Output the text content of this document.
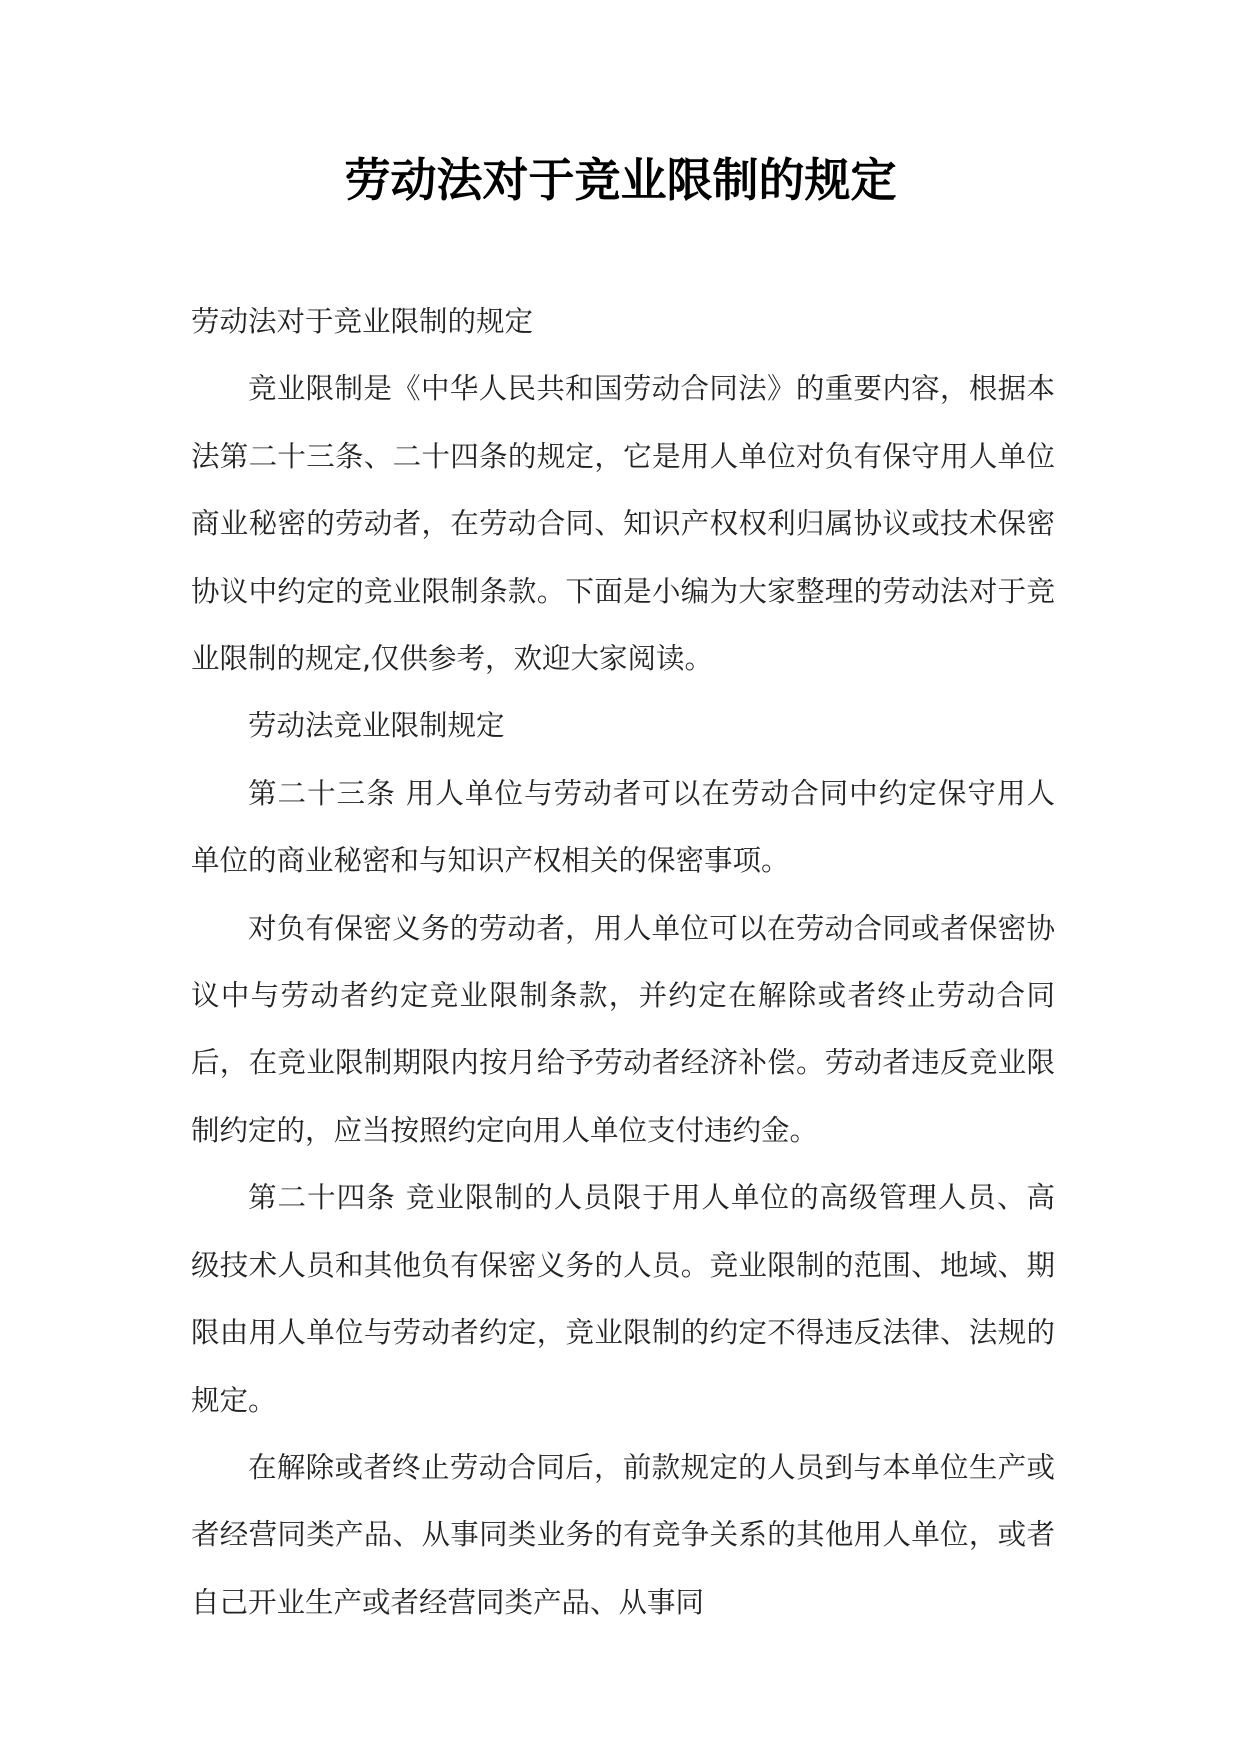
劳动法对于竞业限制的规定

劳动法对于竞业限制的规定

竞业限制是《中华人民共和国劳动合同法》的重要内容，根据本法第二十三条、二十四条的规定，它是用人单位对负有保守用人单位商业秘密的劳动者，在劳动合同、知识产权权利归属协议或技术保密协议中约定的竞业限制条款。下面是小编为大家整理的劳动法对于竞业限制的规定,仅供参考，欢迎大家阅读。

劳动法竞业限制规定

第二十三条 用人单位与劳动者可以在劳动合同中约定保守用人单位的商业秘密和与知识产权相关的保密事项。

对负有保密义务的劳动者，用人单位可以在劳动合同或者保密协议中与劳动者约定竞业限制条款，并约定在解除或者终止劳动合同后，在竞业限制期限内按月给予劳动者经济补偿。劳动者违反竞业限制约定的，应当按照约定向用人单位支付违约金。

第二十四条 竞业限制的人员限于用人单位的高级管理人员、高级技术人员和其他负有保密义务的人员。竞业限制的范围、地域、期限由用人单位与劳动者约定，竞业限制的约定不得违反法律、法规的规定。

在解除或者终止劳动合同后，前款规定的人员到与本单位生产或者经营同类产品、从事同类业务的有竞争关系的其他用人单位，或者自己开业生产或者经营同类产品、从事同
